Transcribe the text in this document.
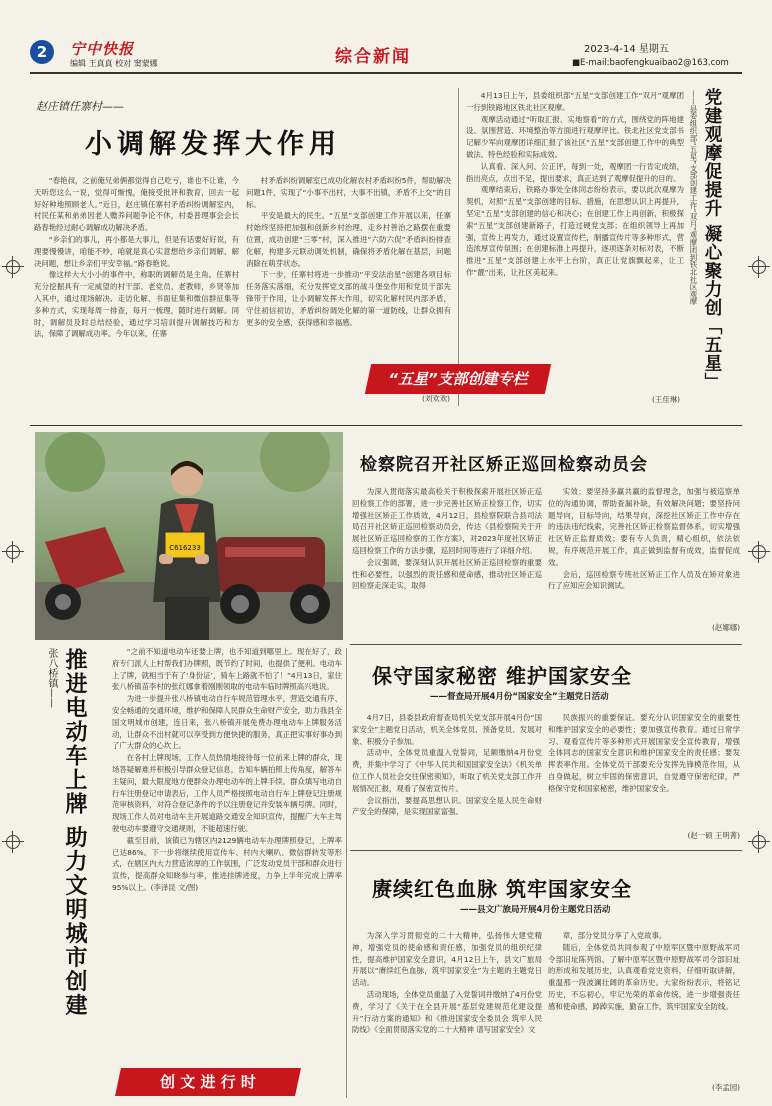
2	宁中快报
编辑 王真真 校对 窦蒙娜	综合新闻	2023-4-14 星期五
■E-mail:baofengkuaibao2@163.com
赵庄镇任寨村——
小调解发挥大作用

“春艳叔，之前俺兄弟俩都觉得自己吃亏，谁也不让谁，今天听您这么一说，觉得可惭愧，俺接受批评和教育，回去一起好好种地照顾老人。”近日，赵庄镇任寨村矛盾纠纷调解室内，村民任某和弟弟因老人赡养问题争论不休，村委普理事会会长路春艳经过耐心调解成功解决矛盾。

“乡亲们的事儿，再小都是大事儿，但是有话要好好说，有理要慢慢讲，咱能不吵，咱就是真心实意想给乡亲们调解、解决问题，想让乡亲们平安幸福。”路春艳说。

像这样大大小小的事件中，称职的调解员是主角。任寨村充分挖掘具有一定威望的村干部、老党员、老教师，乡贤等加入其中，通过现场解决、走访化解、书面征集和微信群征集等多种方式，实现每周一排查，每月一梳理，随时进行调解。同时，调解员及时总结经验，通过学习培训提升调解技巧和方法，保障了调解成功率。今年以来，任寨

村矛盾纠纷调解室已成功化解农村矛盾纠纷5件，帮助解决问题1件，实现了“小事不出村，大事不出镇，矛盾不上交”的目标。

平安是最大的民生。“五星”支部创建工作开展以来，任寨村始终坚持把加强和创新乡村治理、走乡村善治之路摆在重要位置，成功创建“三零”村，深入推进“六防六促”矛盾纠纷排查化解，构建多元联动调处机制，确保将矛盾化解在基层，问题消除在萌芽状态。

下一步，任寨村将进一步推动“平安法治星”创建各项目标任务落实落细，充分发挥党支部的战斗堡垒作用和党员干部先锋带干作用，让小调解发挥大作用，切实化解村民内部矛盾，守住初信初访，矛盾纠纷调处化解的第一道防线，让群众拥有更多的安全感，获得感和幸福感。

(刘欢欢)

4月13日上午，县委组织部“五星”支部创建工作“双月”观摩团一行到铁路地区铁北社区观摩。

观摩活动通过“听取汇报、实地察看”的方式，围绕党的阵地建设、氛围营造、环境整治等方面进行观摩评比。铁北社区党支部书记解少军向观摩团详细汇报了该社区“五星”支部创建工作中的典型做法、特色经验和实际成效。

认真看、深入问、公正评，每到一处，观摩团一行肯定成绩，指出亮点，点出不足，提出要求，真正达到了观摩促提升的目的。

观摩结束后，铁路办事处全体同志纷纷表示，要以此次观摩为契机，对照“五星”支部创建的目标、措施，在思想认识上再提升，坚定“五星”支部创建的信心和决心；在创建工作上再创新，积极探索“五星”支部创建新路子，打造过硬党支部；在组织领导上再加强，宣传上再发力，通过设置宣传栏，制播宣传片等多种形式，营造浓厚宣传氛围；在创建标准上再提升，逐项逐条对标对表，不断推进“五星”支部创建上水平上台阶，真正让党旗飘起来，让工作“靓”出来，让社区美起来。

(王佳琳)
党建观摩促提升 凝心聚力创「五星」
——县委组织部“五星”支部创建工作“双月”观摩团到铁北社区观摩
“五星”支部创建专栏
C616233
检察院召开社区矫正巡回检察动员会

为深入贯彻落实最高检关于积极探索开展社区矫正巡回检察工作的部署，进一步完善社区矫正检察工作，切实增强社区矫正工作质效，4月12日，县检察院联合县司法局召开社区矫正巡回检察动员会，传达《县检察院关于开展社区矫正巡回检察的工作方案》，对2023年度社区矫正巡回检察工作的方法步骤，巡回时间等进行了详细介绍。

会议强调，要深刻认识开展社区矫正巡回检察的重要性和必要性，以强烈的责任感和使命感，推动社区矫正巡回检察走深走实，取得

实效；要坚持多赢共赢的监督理念，加强与被巡察单位的沟通协调，帮助查漏补缺，有效解决问题；要坚持问题导向，目标导向，结果导向，深挖社区矫正工作中存在的违法违纪线索，完善社区矫正检察监督体系，切实增强社区矫正监督质效；要有专人负责，精心组织，依法依规，有序规范开展工作，真正做到监督有成效，监督促成效。

会后，巡回检察专班社区矫正工作人员及在矫对象进行了应知应会知识测试。

(赵娜娜)
张八桥镇—— 推进电动车上牌 助力文明城市创建	“之前不知道电动车还要上牌，也不知道到哪里上。现在好了，政府专门派人上村帮我们办牌照，既节约了时间，也提供了便利。电动车上了牌，就相当于有了‘身份证’，骑车上路就不怕了！”4月13日，家住张八桥镇苗李村的张红娜拿着刚刚领取的电动车临时牌照高兴地说。

为进一步提升张八桥镇电动自行车规范管理水平，营造交通有序、安全畅通的交通环境，维护和保障人民群众生命财产安全，助力我县全国文明城市创建，连日来，张八桥镇开展免费办理电动车上牌服务活动，让群众不出村就可以享受到方便快捷的服务，真正把实事好事办到了广大群众的心坎上。

在各村上牌现场，工作人员热情地接待每一位前来上牌的群众，现场答疑解难并积极引导群众登记信息，告知车辆拍照上传角度，解答车主疑问，最大限度地方便群众办理电动车的上牌手续。群众填写电动自行车注册登记申请表后，工作人员严格按照电动自行车上牌登记注册规范审核资料，对符合登记条件的予以注册登记并安装车辆号牌。同时，现场工作人员对电动车主开展道路交通安全知识宣传，提醒广大车主驾驶电动车要遵守交通规则，不能超速行驶。

截至目前，该镇已为辖区内2129辆电动车办理牌照登记，上牌率已达86%。下一步将继续使用宣传车、村内大喇叭、微信群转发等形式，在辖区内大力营造浓厚的工作氛围，广泛发动党员干部和群众进行宣传，提高群众知晓参与率，推进挂牌进度，力争上半年完成上牌率95%以上。(李泽昆 文/图)

创 文 进 行 时
保守国家秘密 维护国家安全
——督查局开展4月份“国家安全”主题党日活动

4月7日，县委县政府督查局机关党支部开展4月份“国家安全”主题党日活动，机关全体党员、预备党员、发展对象、积极分子参加。

活动中，全体党员重温入党誓词，足额缴纳4月份党费，并集中学习了《中华人民共和国国家安全法》《机关单位工作人员社会交往保密须知》，听取了机关党支部工作开展情况汇报，观看了保密宣传片。

会议指出，要提高思想认识。国家安全是人民生命财产安全的保障，是实现国家富强、

民族振兴的重要保证。要充分认识国家安全的重要性和维护国家安全的必要性；要加强宣传教育。通过日常学习、观看宣传片等多种形式开展国家安全宣传教育，增强全体同志的国家安全意识和维护国家安全的责任感；要发挥表率作用。全体党员干部要充分发挥先锋模范作用，从自身做起，树立牢固的保密意识，自觉遵守保密纪律，严格保守党和国家秘密，维护国家安全。

(赵一硕 王明菁)
赓续红色血脉 筑牢国家安全
——县文广旅局开展4月份主题党日活动

为深入学习贯彻党的二十大精神，弘扬伟大建党精神，增强党员的使命感和责任感，加强党员的组织纪律性，提高维护国家安全意识，4月12日上午，县文广旅局开展以“赓续红色血脉，筑牢国家安全”为主题的主题党日活动。

活动现场，全体党员重温了入党誓词并缴纳了4月份党费，学习了《关于在全县开展“基层党建规范化建设提升”行动方案的通知》和《推进国家安全委员会 筑牢人民防线》《全面贯彻落实党的二十大精神 谱写国家安全》文

章，部分党员分享了入党故事。

随后，全体党员共同参观了中原军区暨中原野战军司令部旧址陈列馆，了解中原军区暨中原野战军司令部旧址的形成和发展历史，认真观看党史资料，仔细听取讲解，重温那一段波澜壮阔的革命历史。大家纷纷表示，将铭记历史，不忘初心，牢记光荣的革命传统，进一步增强责任感和使命感，踔踔实施，勤奋工作，筑牢国家安全防线。

(李孟园)
